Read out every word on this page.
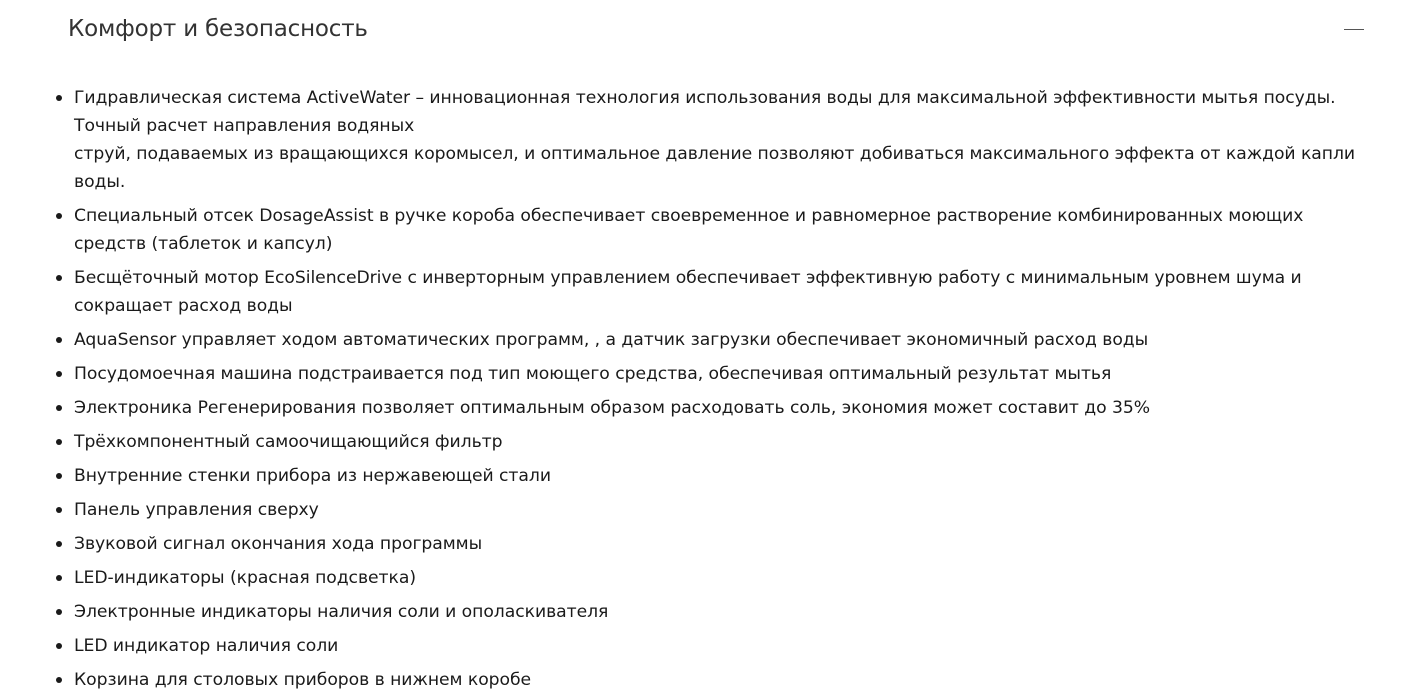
Комфорт и безопасность
Гидравлическая система ActiveWater – инновационная технология использования воды для максимальной эффективности мытья посуды. Точный расчет направления водяных
струй, подаваемых из вращающихся коромысел, и оптимальное давление позволяют добиваться максимального эффекта от каждой капли воды.
Специальный отсек DosageAssist в ручке короба обеспечивает своевременное и равномерное растворение комбинированных моющих средств (таблеток и капсул)
Бесщёточный мотор EcoSilenceDrive с инверторным управлением обеспечивает эффективную работу с минимальным уровнем шума и сокращает расход воды
AquaSensor управляет ходом автоматических программ, , а датчик загрузки обеспечивает экономичный расход воды
Посудомоечная машина подстраивается под тип моющего средства, обеспечивая оптимальный результат мытья
Электроника Регенерирования позволяет оптимальным образом расходовать соль, экономия может составит до 35%
Трёхкомпонентный самоочищающийся фильтр
Внутренние стенки прибора из нержавеющей стали
Панель управления сверху
Звуковой сигнал окончания хода программы
LED-индикаторы (красная подсветка)
Электронные индикаторы наличия соли и ополаскивателя
LED индикатор наличия соли
Корзина для столовых приборов в нижнем коробе
